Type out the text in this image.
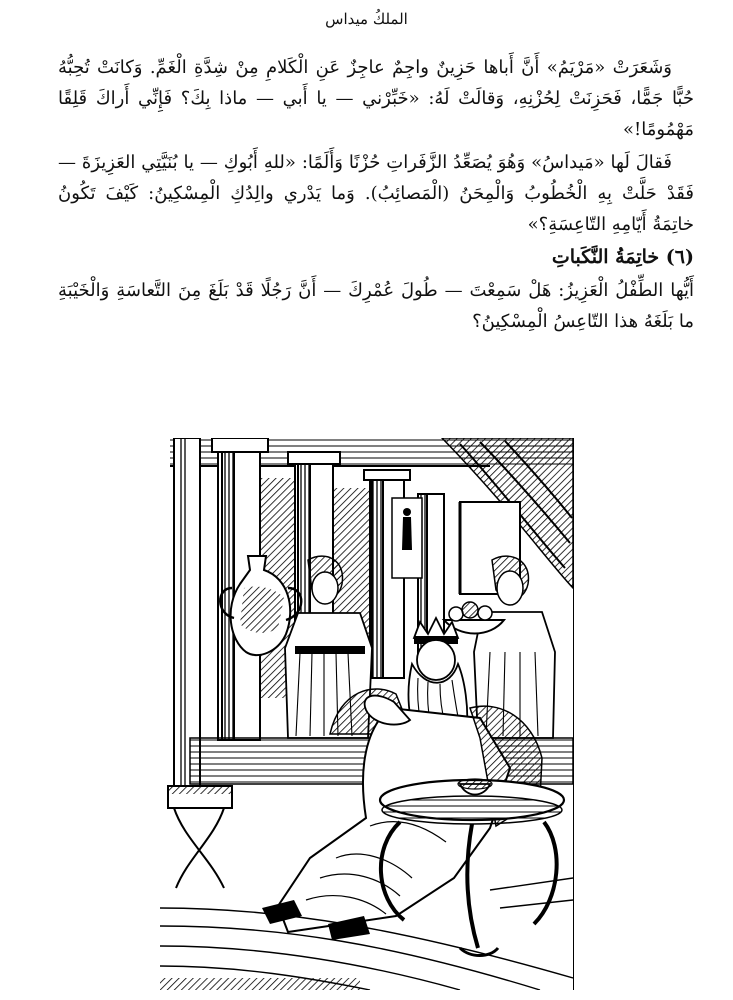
الملكُ ميداس

وَشَعَرَتْ «مَرْيَمُ» أَنَّ أَباها حَزِينٌ واجِمٌ عاجِزٌ عَنِ الْكَلامِ مِنْ شِدَّةِ الْغَمِّ. وَكانَتْ تُحِبُّهُ حُبًّا جَمًّا، فَحَزِنَتْ لِحُزْنِهِ، وَقالَتْ لَهُ: «خَبِّرْني — يا أَبي — ماذا بِكَ؟ فَإِنِّي أَراكَ قَلِقًا مَهْمُومًا!»

فَقالَ لَها «مَيداسُ» وَهُوَ يُصَعِّدُ الزَّفَراتِ حُزْنًا وَأَلَمًا: «للهِ أَبُوكِ — يا بُنَيَّتِي العَزِيزَةَ — فَقَدْ حَلَّتْ بِهِ الْخُطُوبُ وَالْمِحَنُ (الْمَصائِبُ). وَما يَدْري والِدُكِ الْمِسْكِينُ: كَيْفَ تَكُونُ خاتِمَةُ أَيّامِهِ التّاعِسَةِ؟»

(٦) خاتِمَةُ النَّكَباتِ

أَيُّها الطِّفْلُ الْعَزِيزُ: هَلْ سَمِعْتَ — طُولَ عُمْرِكَ — أَنَّ رَجُلًا قَدْ بَلَغَ مِنَ التَّعاسَةِ وَالْخَيْبَةِ ما بَلَغَهُ هذا التّاعِسُ الْمِسْكِينُ؟
